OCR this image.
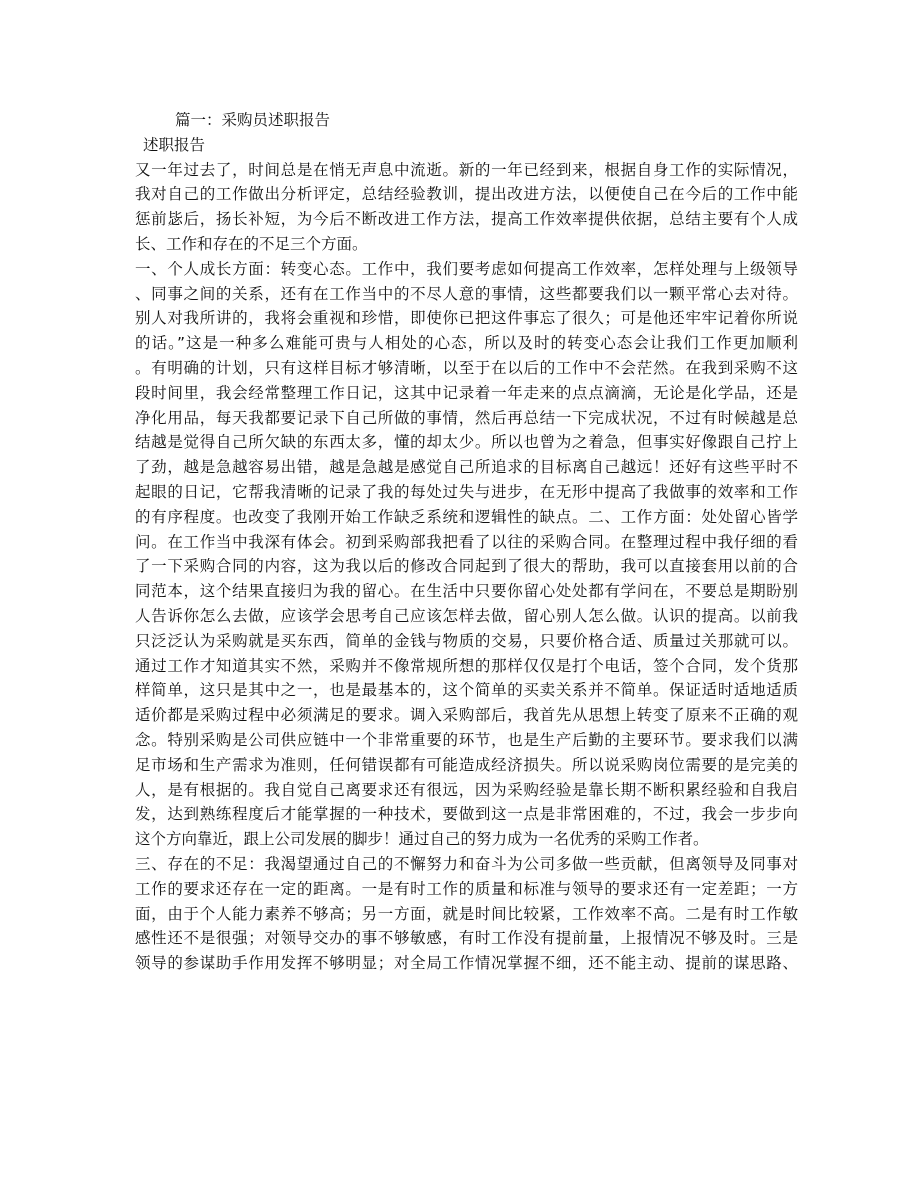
篇一：采购员述职报告
述职报告
又一年过去了，时间总是在悄无声息中流逝。新的一年已经到来，根据自身工作的实际情况，
我对自己的工作做出分析评定，总结经验教训，提出改进方法，以便使自己在今后的工作中能
惩前毖后，扬长补短，为今后不断改进工作方法，提高工作效率提供依据，总结主要有个人成
长、工作和存在的不足三个方面。
一、个人成长方面：转变心态。工作中，我们要考虑如何提高工作效率，怎样处理与上级领导
、同事之间的关系，还有在工作当中的不尽人意的事情，这些都要我们以一颗平常心去对待。
别人对我所讲的，我将会重视和珍惜，即使你已把这件事忘了很久；可是他还牢牢记着你所说
的话。”这是一种多么难能可贵与人相处的心态，所以及时的转变心态会让我们工作更加顺利
。有明确的计划，只有这样目标才够清晰，以至于在以后的工作中不会茫然。在我到采购不这
段时间里，我会经常整理工作日记，这其中记录着一年走来的点点滴滴，无论是化学品，还是
净化用品，每天我都要记录下自己所做的事情，然后再总结一下完成状况，不过有时候越是总
结越是觉得自己所欠缺的东西太多，懂的却太少。所以也曾为之着急，但事实好像跟自己拧上
了劲，越是急越容易出错，越是急越是感觉自己所追求的目标离自己越远！还好有这些平时不
起眼的日记，它帮我清晰的记录了我的每处过失与进步，在无形中提高了我做事的效率和工作
的有序程度。也改变了我刚开始工作缺乏系统和逻辑性的缺点。二、工作方面：处处留心皆学
问。在工作当中我深有体会。初到采购部我把看了以往的采购合同。在整理过程中我仔细的看
了一下采购合同的内容，这为我以后的修改合同起到了很大的帮助，我可以直接套用以前的合
同范本，这个结果直接归为我的留心。在生活中只要你留心处处都有学问在，不要总是期盼别
人告诉你怎么去做，应该学会思考自己应该怎样去做，留心别人怎么做。认识的提高。以前我
只泛泛认为采购就是买东西，简单的金钱与物质的交易，只要价格合适、质量过关那就可以。
通过工作才知道其实不然，采购并不像常规所想的那样仅仅是打个电话，签个合同，发个货那
样简单，这只是其中之一，也是最基本的，这个简单的买卖关系并不简单。保证适时适地适质
适价都是采购过程中必须满足的要求。调入采购部后，我首先从思想上转变了原来不正确的观
念。特别采购是公司供应链中一个非常重要的环节，也是生产后勤的主要环节。要求我们以满
足市场和生产需求为准则，任何错误都有可能造成经济损失。所以说采购岗位需要的是完美的
人，是有根据的。我自觉自己离要求还有很远，因为采购经验是靠长期不断积累经验和自我启
发，达到熟练程度后才能掌握的一种技术，要做到这一点是非常困难的，不过，我会一步步向
这个方向靠近，跟上公司发展的脚步！通过自己的努力成为一名优秀的采购工作者。
三、存在的不足：我渴望通过自己的不懈努力和奋斗为公司多做一些贡献，但离领导及同事对
工作的要求还存在一定的距离。一是有时工作的质量和标准与领导的要求还有一定差距；一方
面，由于个人能力素养不够高；另一方面，就是时间比较紧，工作效率不高。二是有时工作敏
感性还不是很强；对领导交办的事不够敏感，有时工作没有提前量，上报情况不够及时。三是
领导的参谋助手作用发挥不够明显；对全局工作情况掌握不细，还不能主动、提前的谋思路、
